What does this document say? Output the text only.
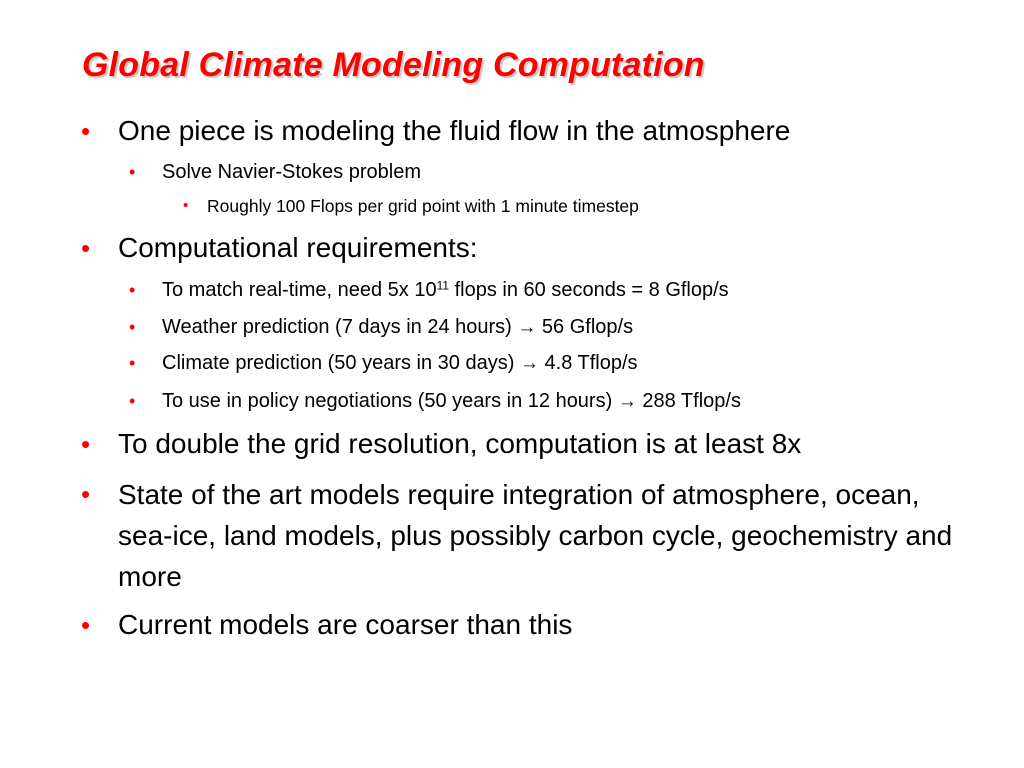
Global Climate Modeling Computation
• One piece is modeling the fluid flow in the atmosphere
• Solve Navier-Stokes problem
• Roughly 100 Flops per grid point with 1 minute timestep
• Computational requirements:
• To match real-time, need 5x $10^{11}$ flops in 60 seconds = 8 Gflop/s
• Weather prediction (7 days in 24 hours) → 56 Gflop/s
• Climate prediction (50 years in 30 days) → 4.8 Tflop/s
• To use in policy negotiations (50 years in 12 hours) → 288 Tflop/s
• To double the grid resolution, computation is at least 8x
• State of the art models require integration of atmosphere, ocean, sea-ice, land models, plus possibly carbon cycle, geochemistry and more
• Current models are coarser than this
